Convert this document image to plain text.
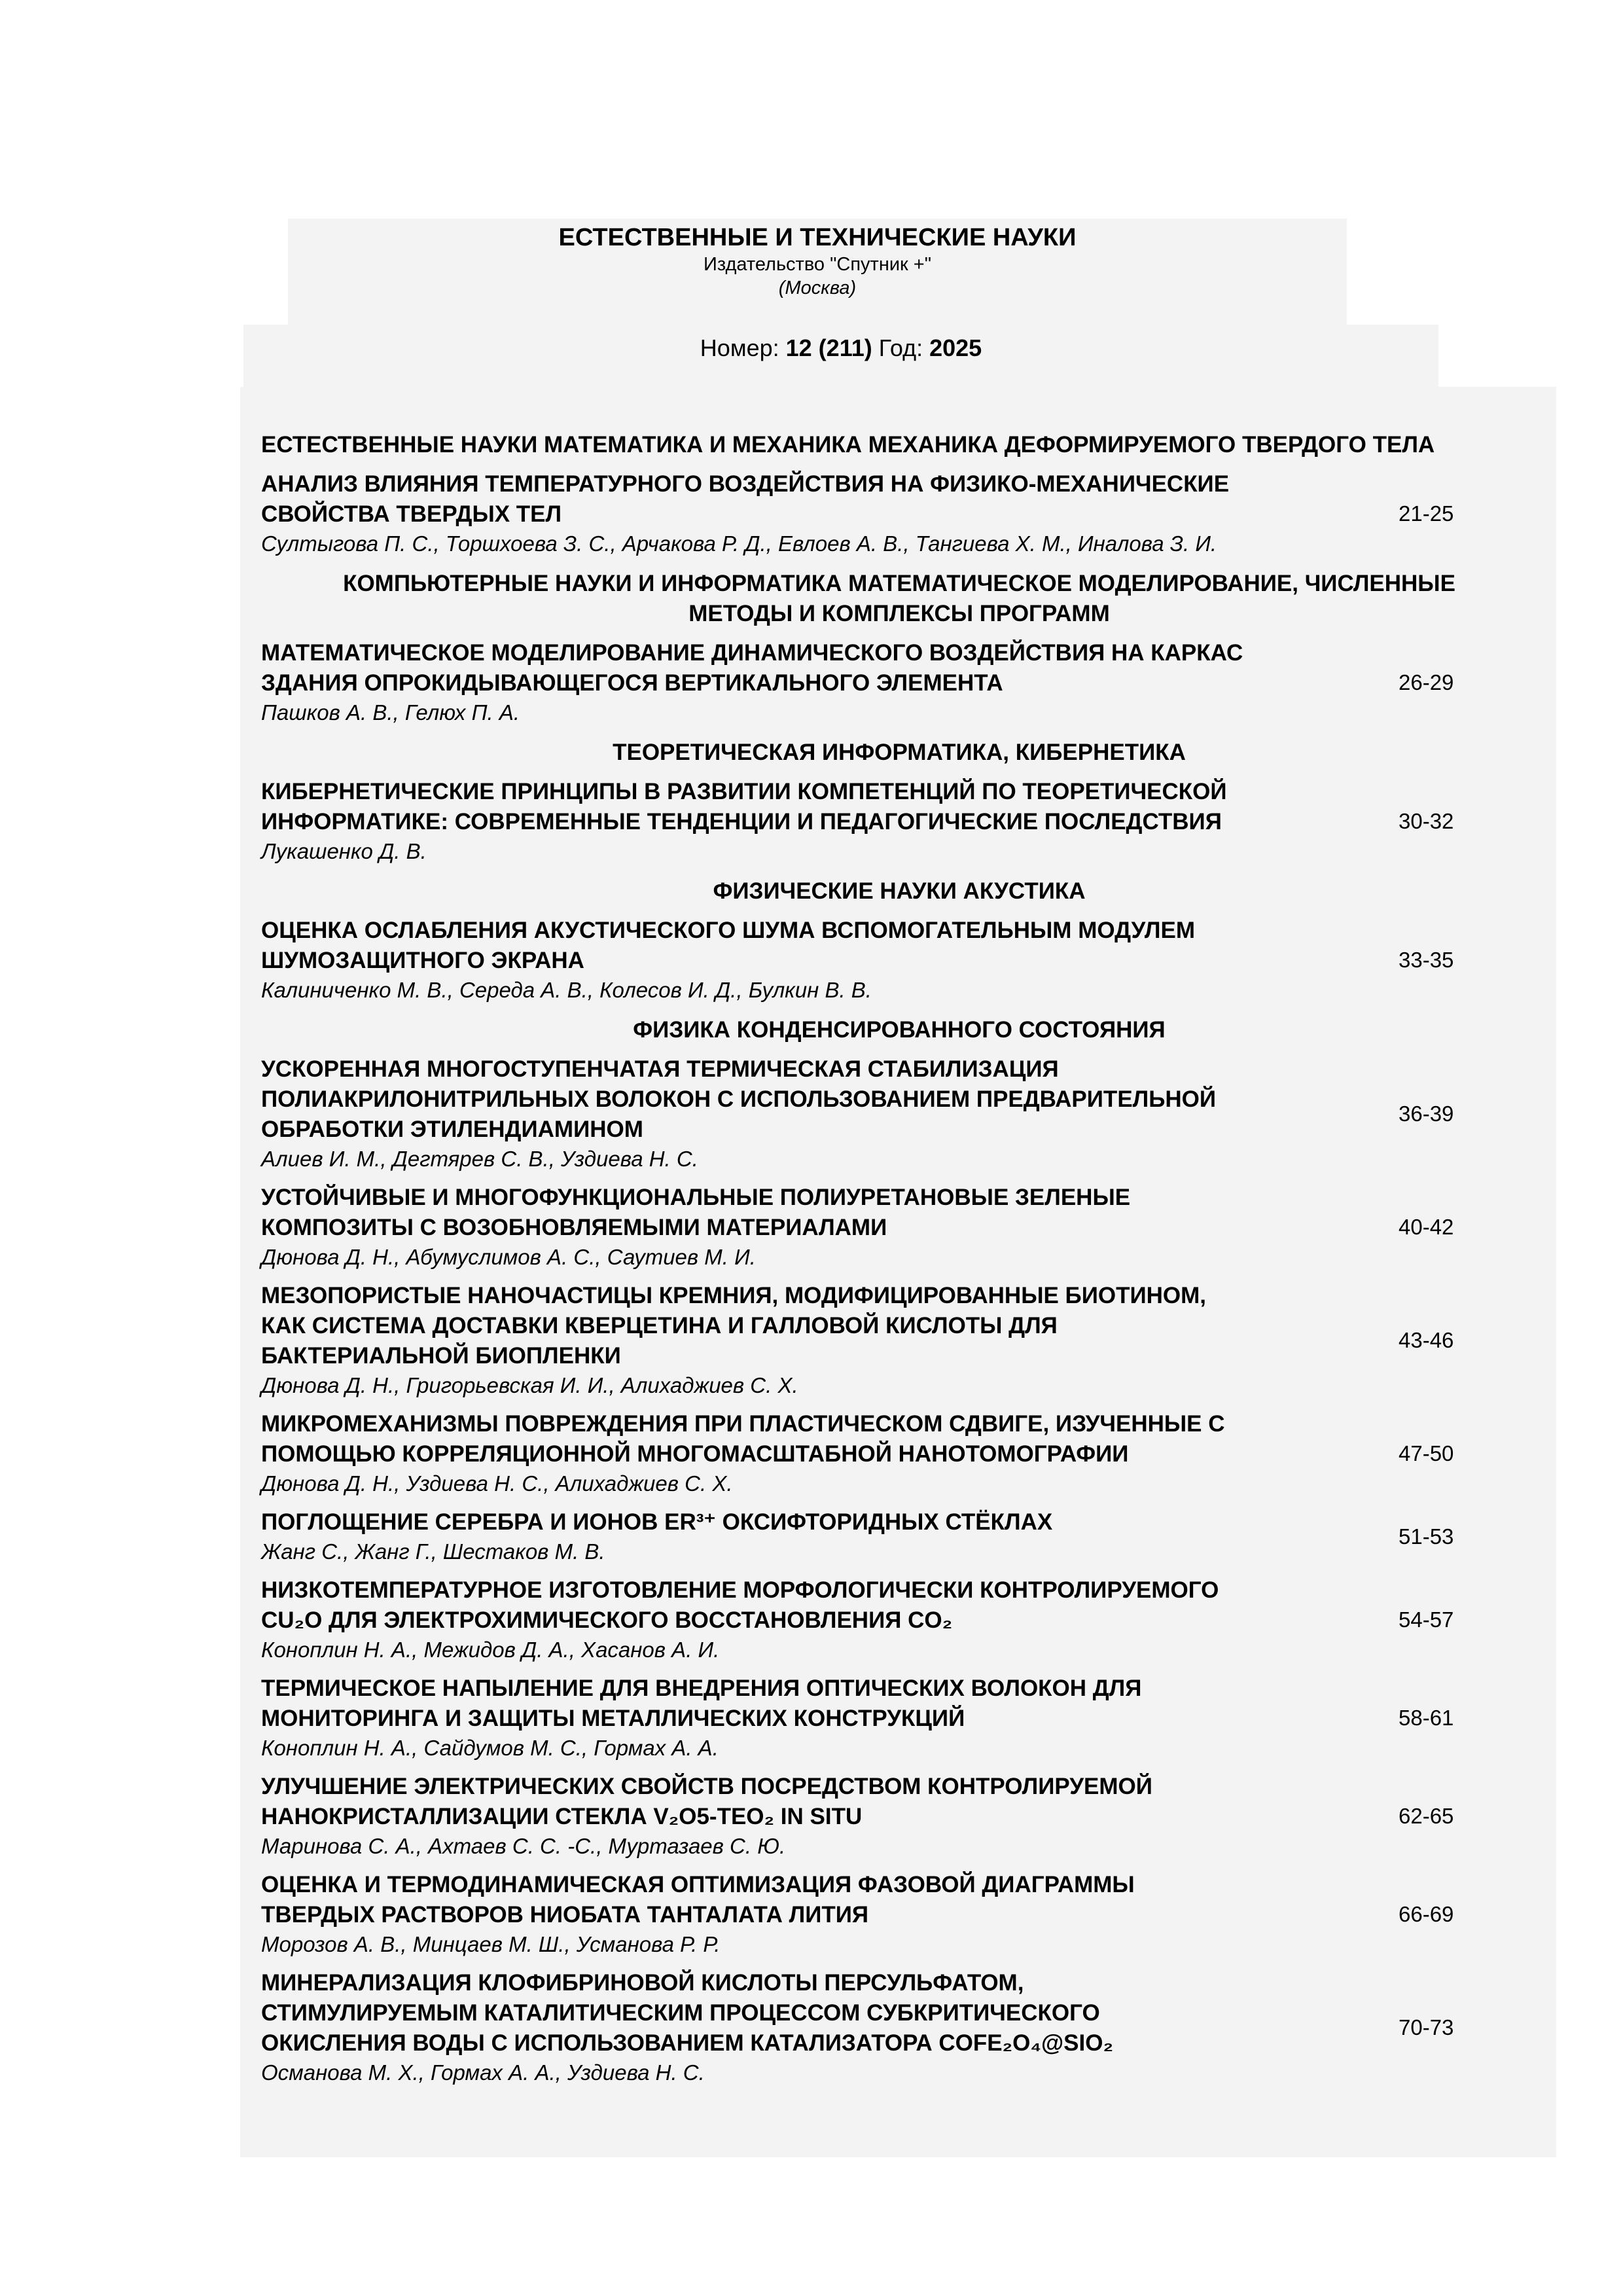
ЕСТЕСТВЕННЫЕ И ТЕХНИЧЕСКИЕ НАУКИ
Издательство "Спутник +"
(Москва)
Номер: 12 (211) Год: 2025
ЕСТЕСТВЕННЫЕ НАУКИ МАТЕМАТИКА И МЕХАНИКА МЕХАНИКА ДЕФОРМИРУЕМОГО ТВЕРДОГО ТЕЛА
АНАЛИЗ ВЛИЯНИЯ ТЕМПЕРАТУРНОГО ВОЗДЕЙСТВИЯ НА ФИЗИКО-МЕХАНИЧЕСКИЕ
СВОЙСТВА ТВЕРДЫХ ТЕЛ
Султыгова П. С., Торшхоева З. С., Арчакова Р. Д., Евлоев А. В., Тангиева Х. М., Иналова З. И.
21-25
КОМПЬЮТЕРНЫЕ НАУКИ И ИНФОРМАТИКА МАТЕМАТИЧЕСКОЕ МОДЕЛИРОВАНИЕ, ЧИСЛЕННЫЕ
МЕТОДЫ И КОМПЛЕКСЫ ПРОГРАММ
МАТЕМАТИЧЕСКОЕ МОДЕЛИРОВАНИЕ ДИНАМИЧЕСКОГО ВОЗДЕЙСТВИЯ НА КАРКАС
ЗДАНИЯ ОПРОКИДЫВАЮЩЕГОСЯ ВЕРТИКАЛЬНОГО ЭЛЕМЕНТА
Пашков А. В., Гелюх П. А.
26-29
ТЕОРЕТИЧЕСКАЯ ИНФОРМАТИКА, КИБЕРНЕТИКА
КИБЕРНЕТИЧЕСКИЕ ПРИНЦИПЫ В РАЗВИТИИ КОМПЕТЕНЦИЙ ПО ТЕОРЕТИЧЕСКОЙ
ИНФОРМАТИКЕ: СОВРЕМЕННЫЕ ТЕНДЕНЦИИ И ПЕДАГОГИЧЕСКИЕ ПОСЛЕДСТВИЯ
Лукашенко Д. В.
30-32
ФИЗИЧЕСКИЕ НАУКИ АКУСТИКА
ОЦЕНКА ОСЛАБЛЕНИЯ АКУСТИЧЕСКОГО ШУМА ВСПОМОГАТЕЛЬНЫМ МОДУЛЕМ
ШУМОЗАЩИТНОГО ЭКРАНА
Калиниченко М. В., Середа А. В., Колесов И. Д., Булкин В. В.
33-35
ФИЗИКА КОНДЕНСИРОВАННОГО СОСТОЯНИЯ
УСКОРЕННАЯ МНОГОСТУПЕНЧАТАЯ ТЕРМИЧЕСКАЯ СТАБИЛИЗАЦИЯ
ПОЛИАКРИЛОНИТРИЛЬНЫХ ВОЛОКОН С ИСПОЛЬЗОВАНИЕМ ПРЕДВАРИТЕЛЬНОЙ
ОБРАБОТКИ ЭТИЛЕНДИАМИНОМ
Алиев И. М., Дегтярев С. В., Уздиева Н. С.
36-39
УСТОЙЧИВЫЕ И МНОГОФУНКЦИОНАЛЬНЫЕ ПОЛИУРЕТАНОВЫЕ ЗЕЛЕНЫЕ
КОМПОЗИТЫ С ВОЗОБНОВЛЯЕМЫМИ МАТЕРИАЛАМИ
Дюнова Д. Н., Абумуслимов А. С., Саутиев М. И.
40-42
МЕЗОПОРИСТЫЕ НАНОЧАСТИЦЫ КРЕМНИЯ, МОДИФИЦИРОВАННЫЕ БИОТИНОМ,
КАК СИСТЕМА ДОСТАВКИ КВЕРЦЕТИНА И ГАЛЛОВОЙ КИСЛОТЫ ДЛЯ
БАКТЕРИАЛЬНОЙ БИОПЛЕНКИ
Дюнова Д. Н., Григорьевская И. И., Алихаджиев С. Х.
43-46
МИКРОМЕХАНИЗМЫ ПОВРЕЖДЕНИЯ ПРИ ПЛАСТИЧЕСКОМ СДВИГЕ, ИЗУЧЕННЫЕ С
ПОМОЩЬЮ КОРРЕЛЯЦИОННОЙ МНОГОМАСШТАБНОЙ НАНОТОМОГРАФИИ
Дюнова Д. Н., Уздиева Н. С., Алихаджиев С. Х.
47-50
ПОГЛОЩЕНИЕ СЕРЕБРА И ИОНОВ ER³⁺ ОКСИФТОРИДНЫХ СТЁКЛАХ
Жанг С., Жанг Г., Шестаков М. В.
51-53
НИЗКОТЕМПЕРАТУРНОЕ ИЗГОТОВЛЕНИЕ МОРФОЛОГИЧЕСКИ КОНТРОЛИРУЕМОГО
CU₂O ДЛЯ ЭЛЕКТРОХИМИЧЕСКОГО ВОССТАНОВЛЕНИЯ CO₂
Коноплин Н. А., Межидов Д. А., Хасанов А. И.
54-57
ТЕРМИЧЕСКОЕ НАПЫЛЕНИЕ ДЛЯ ВНЕДРЕНИЯ ОПТИЧЕСКИХ ВОЛОКОН ДЛЯ
МОНИТОРИНГА И ЗАЩИТЫ МЕТАЛЛИЧЕСКИХ КОНСТРУКЦИЙ
Коноплин Н. А., Сайдумов М. С., Гормах А. А.
58-61
УЛУЧШЕНИЕ ЭЛЕКТРИЧЕСКИХ СВОЙСТВ ПОСРЕДСТВОМ КОНТРОЛИРУЕМОЙ
НАНОКРИСТАЛЛИЗАЦИИ СТЕКЛА V₂O5-TEO₂ IN SITU
Маринова С. А., Ахтаев С. С. -С., Муртазаев С. Ю.
62-65
ОЦЕНКА И ТЕРМОДИНАМИЧЕСКАЯ ОПТИМИЗАЦИЯ ФАЗОВОЙ ДИАГРАММЫ
ТВЕРДЫХ РАСТВОРОВ НИОБАТА ТАНТАЛАТА ЛИТИЯ
Морозов А. В., Минцаев М. Ш., Усманова Р. Р.
66-69
МИНЕРАЛИЗАЦИЯ КЛОФИБРИНОВОЙ КИСЛОТЫ ПЕРСУЛЬФАТОМ,
СТИМУЛИРУЕМЫМ КАТАЛИТИЧЕСКИМ ПРОЦЕССОМ СУБКРИТИЧЕСКОГО
ОКИСЛЕНИЯ ВОДЫ С ИСПОЛЬЗОВАНИЕМ КАТАЛИЗАТОРА COFE₂O₄@SIO₂
Османова М. Х., Гормах А. А., Уздиева Н. С.
70-73
